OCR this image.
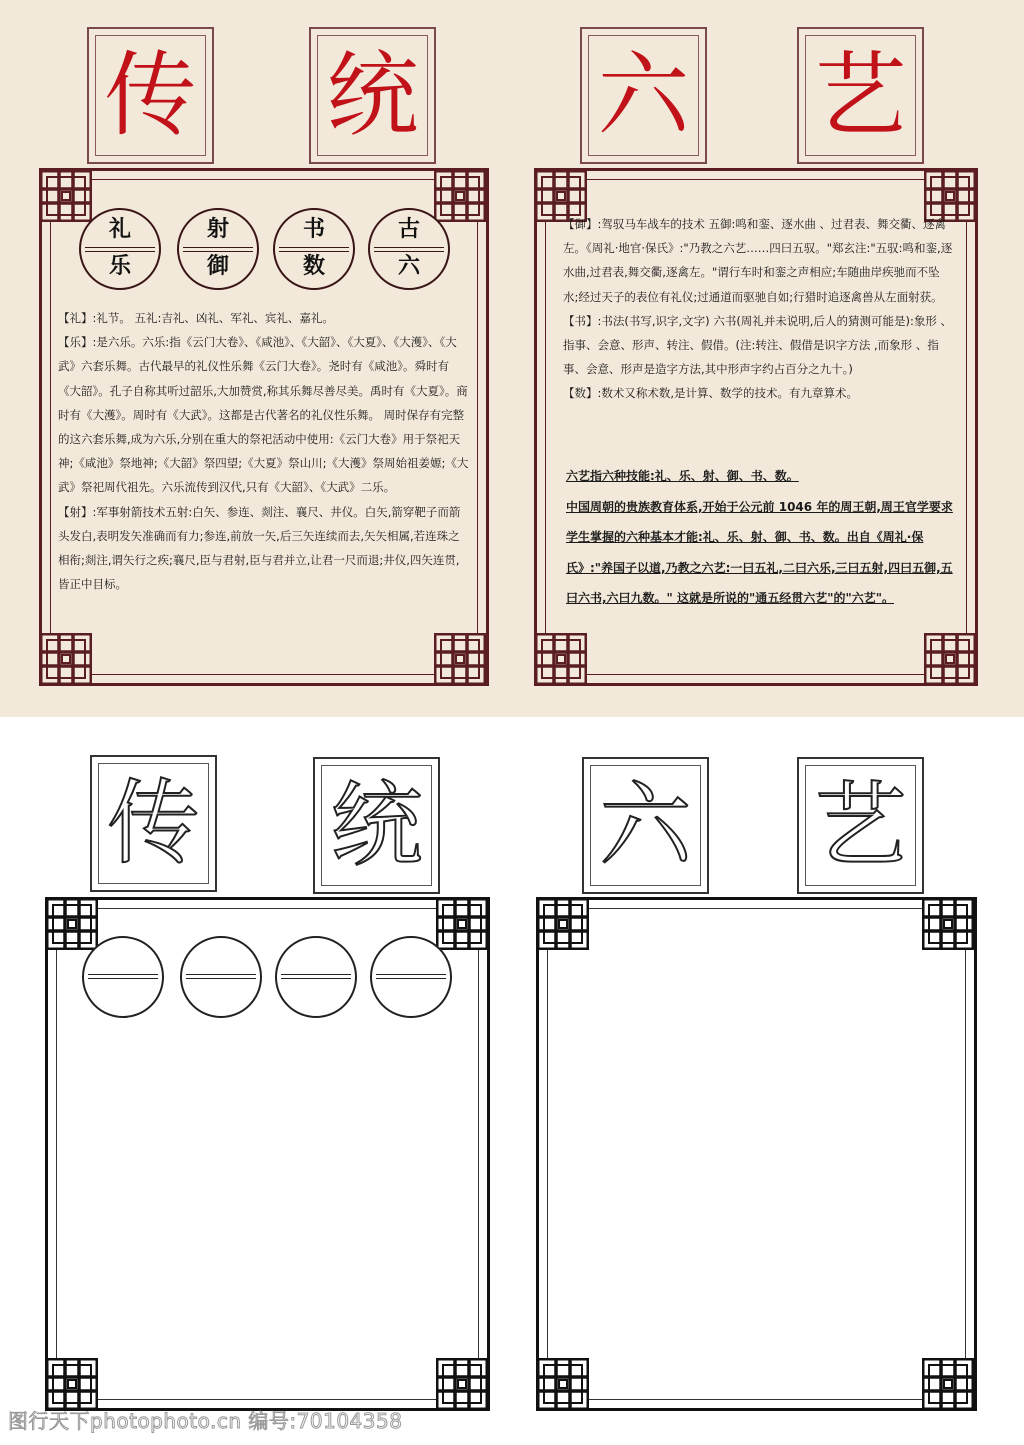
传 统 六 艺
礼
乐
射
御
书
数
古
六

【礼】:礼节。 五礼:吉礼、凶礼、军礼、宾礼、嘉礼。

【乐】:是六乐。六乐:指《云门大卷》、《咸池》、《大韶》、《大夏》、《大濩》、《大武》六套乐舞。古代最早的礼仪性乐舞《云门大卷》。尧时有《咸池》。舜时有《大韶》。孔子自称其听过韶乐,大加赞赏,称其乐舞尽善尽美。禹时有《大夏》。商时有《大濩》。周时有《大武》。这都是古代著名的礼仪性乐舞。 周时保存有完整的这六套乐舞,成为六乐,分别在重大的祭祀活动中使用:《云门大卷》用于祭祀天神;《咸池》祭地神;《大韶》祭四望;《大夏》祭山川;《大濩》祭周始祖姜嫄;《大武》祭祀周代祖先。六乐流传到汉代,只有《大韶》、《大武》二乐。

【射】:军事射箭技术五射:白矢、参连、剡注、襄尺、井仪。白矢,箭穿靶子而箭头发白,表明发矢准确而有力;参连,前放一矢,后三矢连续而去,矢矢相属,若连珠之相衔;剡注,谓矢行之疾;襄尺,臣与君射,臣与君并立,让君一尺而退;井仪,四矢连贯,皆正中目标。

【御】:驾驭马车战车的技术 五御:鸣和銮、逐水曲 、过君表、舞交衢、逐禽左。《周礼·地官·保氏》:"乃教之六艺……四曰五驭。"郑玄注:"五驭:鸣和銮,逐水曲,过君表,舞交衢,逐禽左。"谓行车时和銮之声相应;车随曲岸疾驰而不坠水;经过天子的表位有礼仪;过通道而驱驰自如;行猎时追逐禽兽从左面射获。

【书】:书法(书写,识字,文字) 六书(周礼并未说明,后人的猜测可能是):象形 、指事、会意、形声、转注、假借。(注:转注、假借是识字方法 ,而象形 、指事、会意、形声是造字方法,其中形声字约占百分之九十。)

【数】:数术又称术数,是计算、数学的技术。有九章算术。

六艺指六种技能:礼、乐、射、御、书、数。

中国周朝的贵族教育体系,开始于公元前 1046 年的周王朝,周王官学要求学生掌握的六种基本才能:礼、乐、射、御、书、数。出自《周礼·保氏》:"养国子以道,乃教之六艺:一曰五礼,二曰六乐,三曰五射,四曰五御,五曰六书,六曰九数。" 这就是所说的"通五经贯六艺"的"六艺"。

传 统 六 艺
图行天下photophoto.cn 编号:70104358
